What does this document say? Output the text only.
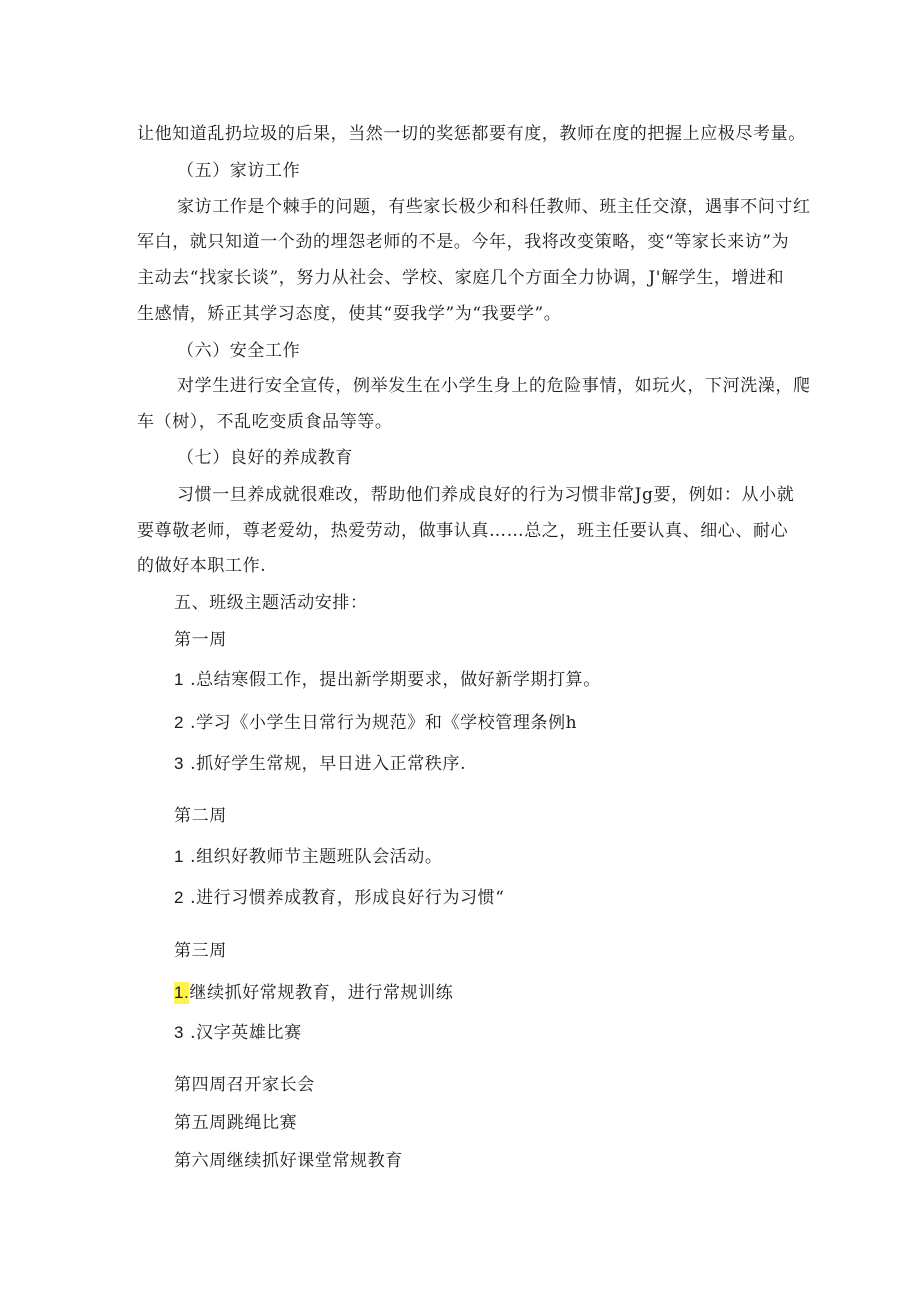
让他知道乱扔垃圾的后果，当然一切的奖惩都要有度，教师在度的把握上应极尽考量。
（五）家访工作
家访工作是个棘手的问题，有些家长极少和科任教师、班主任交潦，遇事不问寸红
军白，就只知道一个劲的埋怨老师的不是。今年，我将改变策略，变“等家长来访”为
主动去“找家长谈”，努力从社会、学校、家庭几个方面全力协调，J'解学生，增进和
生感情，矫正其学习态度，使其“耍我学”为“我要学”。
（六）安全工作
对学生进行安全宣传，例举发生在小学生身上的危险事情，如玩火，下河洗澡，爬
车（树），不乱吃变质食品等等。
（七）良好的养成教育
习惯一旦养成就很难改，帮助他们养成良好的行为习惯非常Jg要，例如：从小就
要尊敬老师，尊老爱幼，热爱劳动，做事认真……总之，班主任要认真、细心、耐心
的做好本职工作.
五、班级主题活动安排：
第一周
1 .总结寒假工作，提出新学期要求，做好新学期打算。
2 .学习《小学生日常行为规范》和《学校管理条例h
3 .抓好学生常规，早日进入正常秩序.
第二周
1 .组织好教师节主题班队会活动。
2 .进行习惯养成教育，形成良好行为习惯“
第三周
1.继续抓好常规教育，进行常规训练
3 .汉字英雄比赛
第四周召开家长会
第五周跳绳比赛
第六周继续抓好课堂常规教育
